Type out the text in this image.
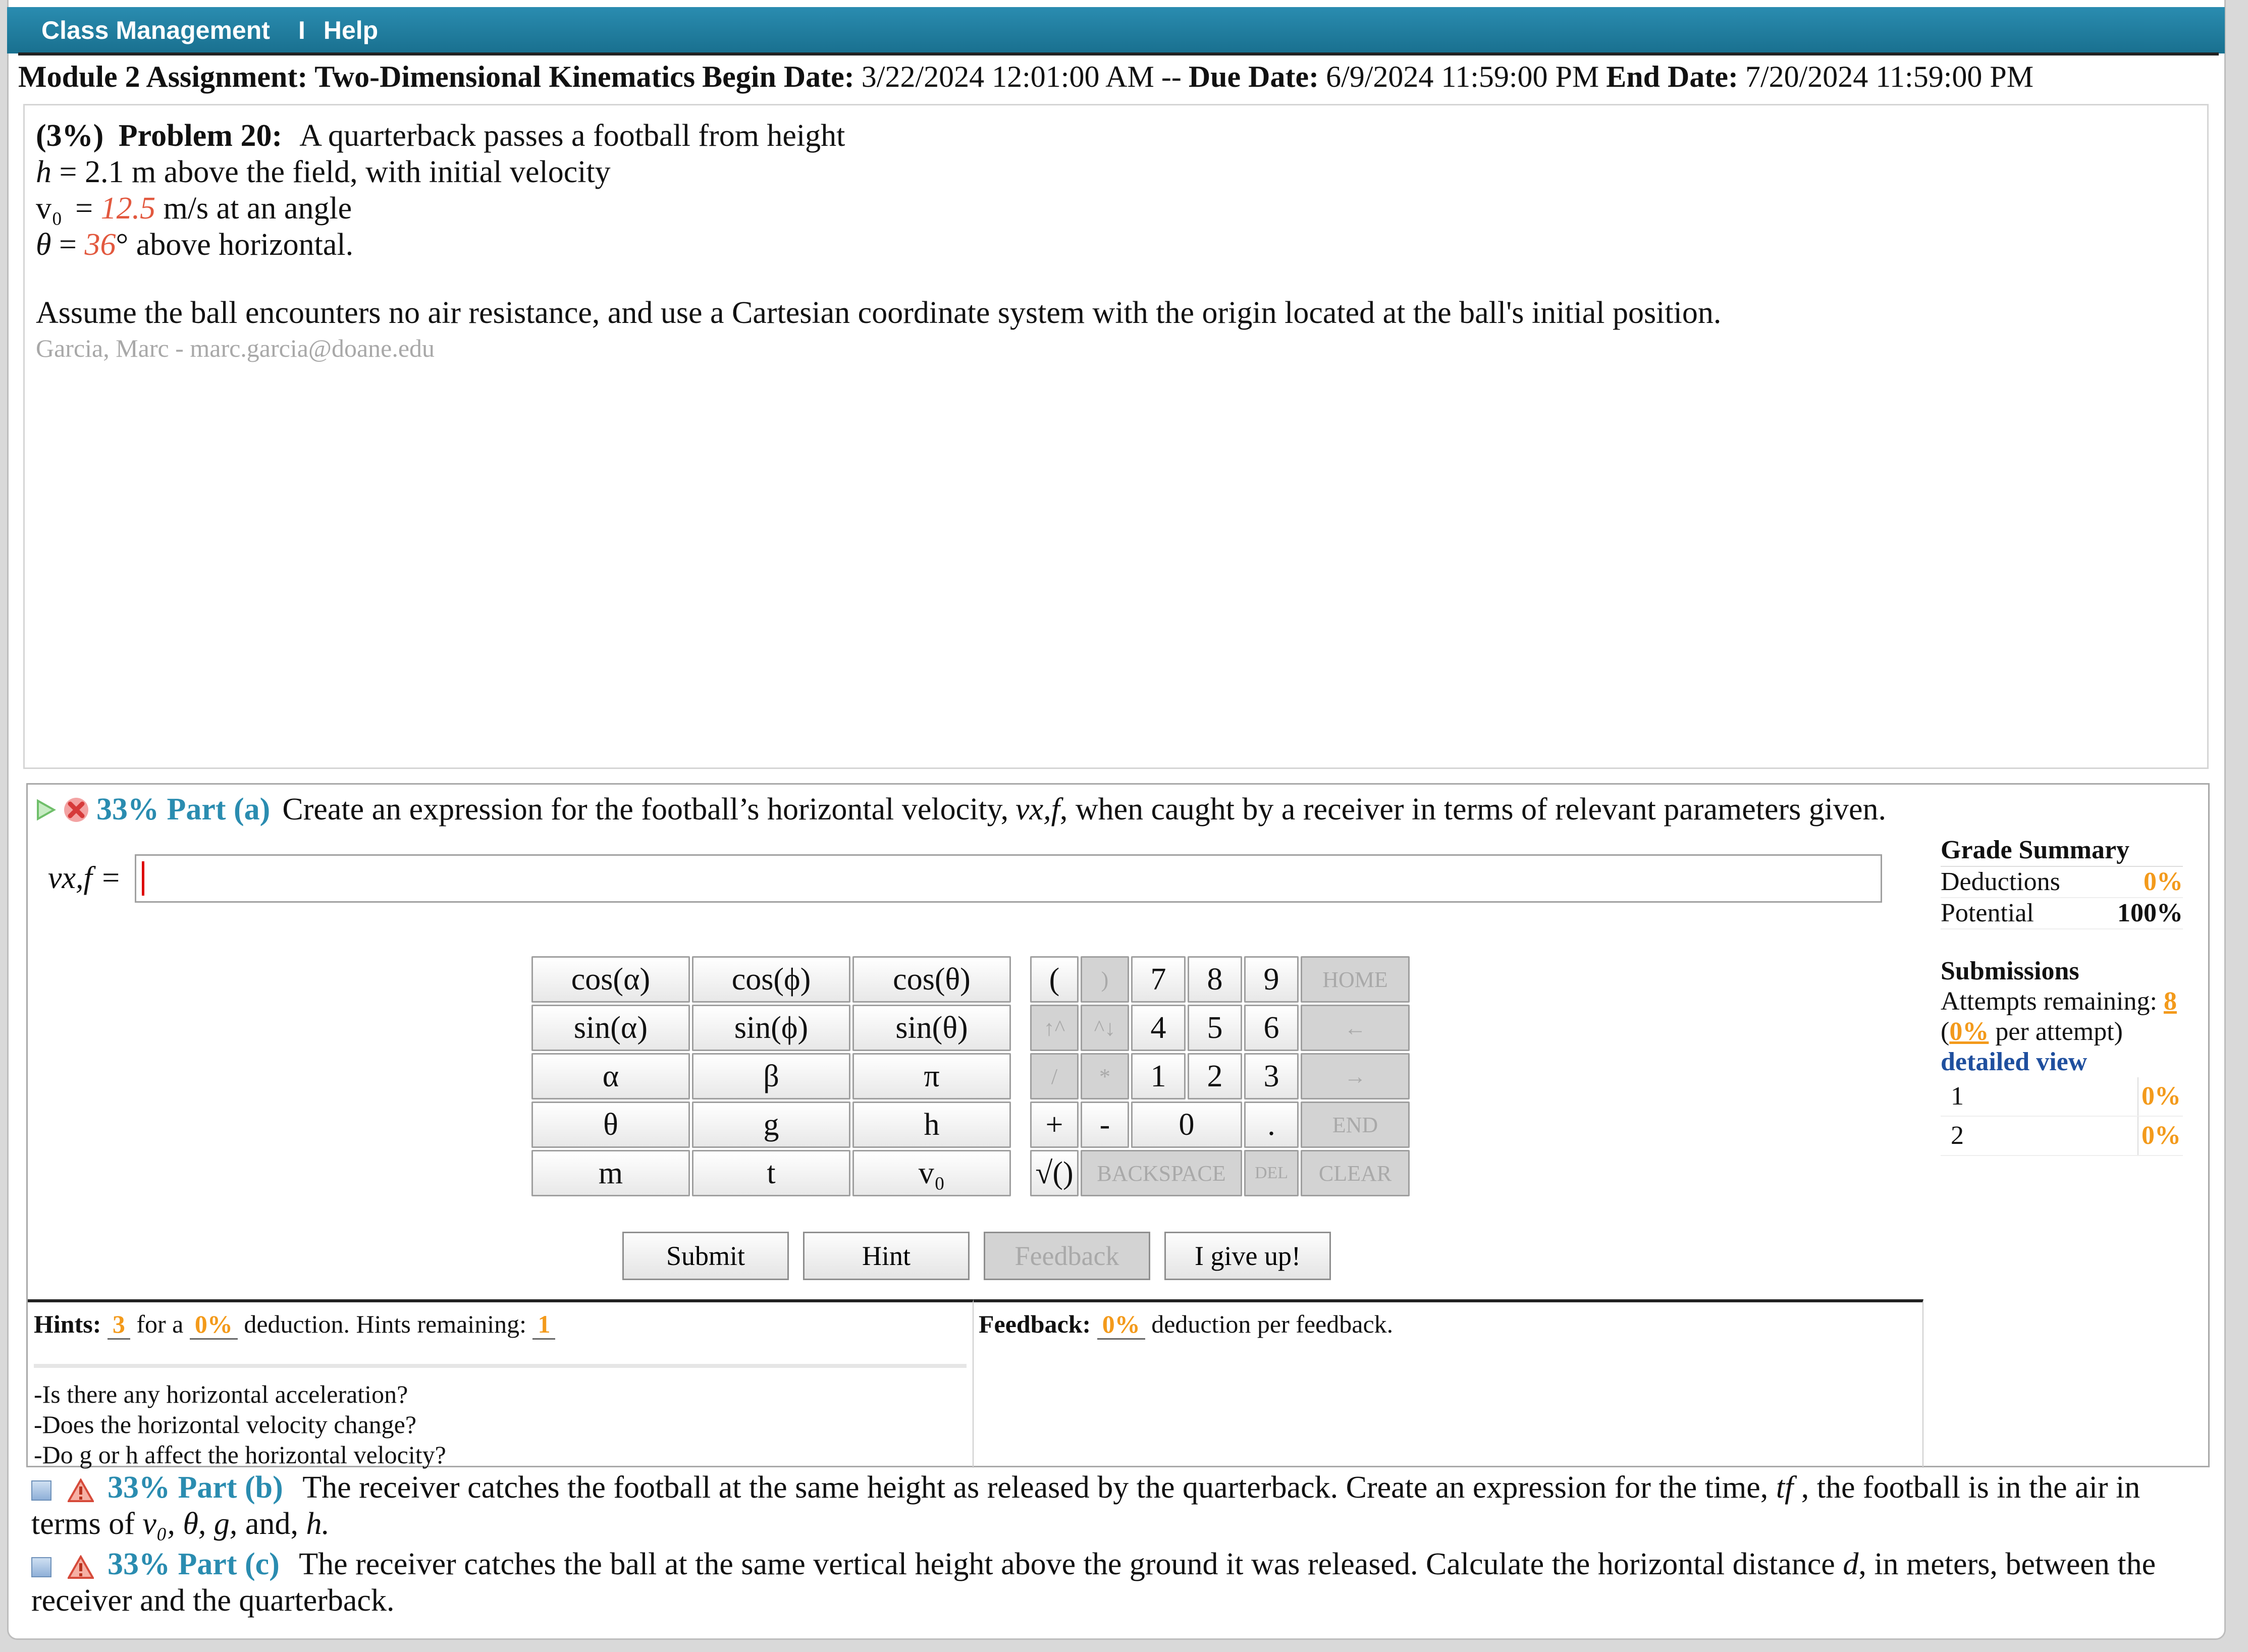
Class Management I Help
Module 2 Assignment: Two-Dimensional Kinematics Begin Date: 3/22/2024 12:01:00 AM -- Due Date: 6/9/2024 11:59:00 PM End Date: 7/20/2024 11:59:00 PM
(3%) Problem 20: A quarterback passes a football from height
h = 2.1 m above the field, with initial velocity
v₀ = 12.5 m/s at an angle
θ = 36° above horizontal.
Assume the ball encounters no air resistance, and use a Cartesian coordinate system with the origin located at the ball's initial position.
Garcia, Marc - marc.garcia@doane.edu
33% Part (a) Create an expression for the football’s horizontal velocity, vx,f , when caught by a receiver in terms of relevant parameters given.
vx,f =
Grade Summary
Deductions	0%
Potential	100%
Submissions
Attempts remaining: 8
(0% per attempt)
detailed view
1	0%
2	0%
cos(α)	cos(ϕ)	cos(θ)		(	)	7	8	9	HOME
sin(α)	sin(ϕ)	sin(θ)		↑^	^↓	4	5	6	←
α	β	π		/	*	1	2	3	→
θ	g	h		+	-	0		.	END
m	t	v₀		√()	BACKSPACE			DEL	CLEAR
Submit	Hint	Feedback	I give up!
Hints: 3 for a 0% deduction. Hints remaining: 1
-Is there any horizontal acceleration?
-Does the horizontal velocity change?
-Do g or h affect the horizontal velocity?
Feedback: 0% deduction per feedback.
33% Part (b) The receiver catches the football at the same height as released by the quarterback. Create an expression for the time, tf , the football is in the air in terms of v₀, θ, g, and, h.
33% Part (c) The receiver catches the ball at the same vertical height above the ground it was released. Calculate the horizontal distance d, in meters, between the receiver and the quarterback.
